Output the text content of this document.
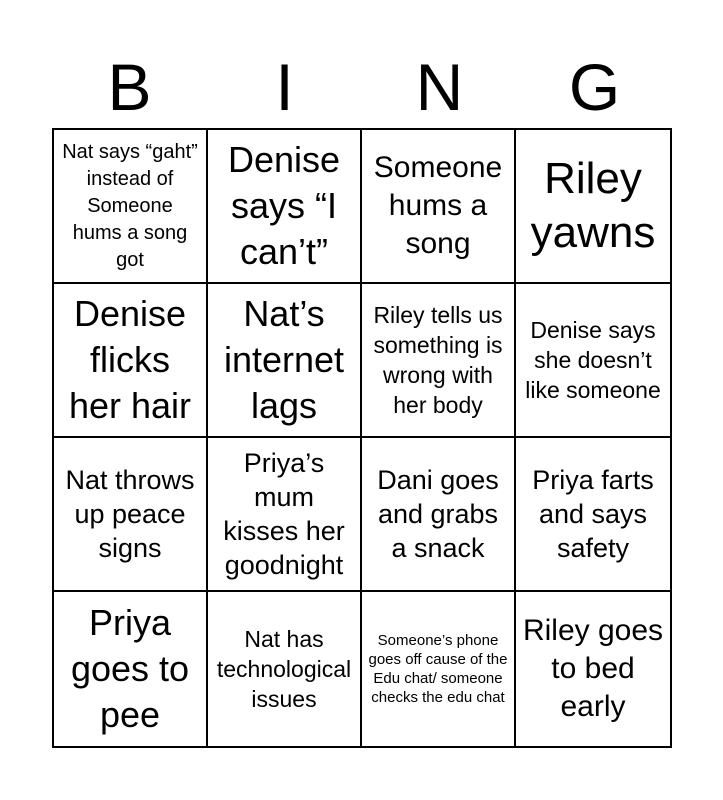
B	I	N	G
Nat says “gaht” instead of Someone hums a song got
Denise says “I can’t”
Someone hums a song
Riley yawns
Denise flicks her hair
Nat’s internet lags
Riley tells us something is wrong with her body
Denise says she doesn’t like someone
Nat throws up peace signs
Priya’s mum kisses her goodnight
Dani goes and grabs a snack
Priya farts and says safety
Priya goes to pee
Nat has technological issues
Someone’s phone goes off cause of the Edu chat/ someone checks the edu chat
Riley goes to bed early
